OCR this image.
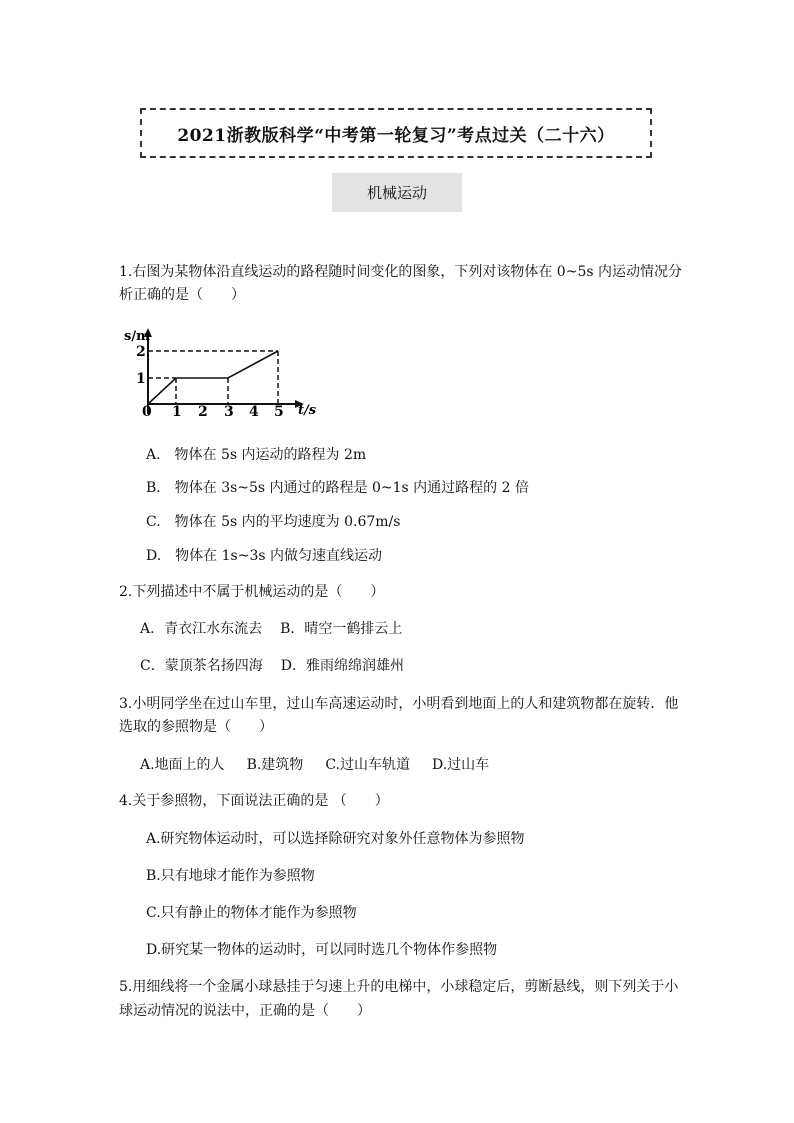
2021浙教版科学“中考第一轮复习”考点过关（二十六）
机械运动
1.右图为某物体沿直线运动的路程随时间变化的图象，下列对该物体在 0~5s 内运动情况分
析正确的是（　　）
s/m
t/s
2
1
0 1 2 3 4 5
A.　物体在 5s 内运动的路程为 2m
B.　物体在 3s~5s 内通过的路程是 0~1s 内通过路程的 2 倍
C.　物体在 5s 内的平均速度为 0.67m/s
D.　物体在 1s~3s 内做匀速直线运动
2.下列描述中不属于机械运动的是（　　）
A．青衣江水东流去 B．晴空一鹤排云上
C．蒙顶茶名扬四海 D．雅雨绵绵润雄州
3.小明同学坐在过山车里，过山车高速运动时，小明看到地面上的人和建筑物都在旋转．他
选取的参照物是（　　）
A.地面上的人 B.建筑物 C.过山车轨道 D.过山车
4.关于参照物，下面说法正确的是 （　　）
A.研究物体运动时，可以选择除研究对象外任意物体为参照物
B.只有地球才能作为参照物
C.只有静止的物体才能作为参照物
D.研究某一物体的运动时，可以同时选几个物体作参照物
5.用细线将一个金属小球悬挂于匀速上升的电梯中，小球稳定后，剪断悬线，则下列关于小
球运动情况的说法中，正确的是（　　）
